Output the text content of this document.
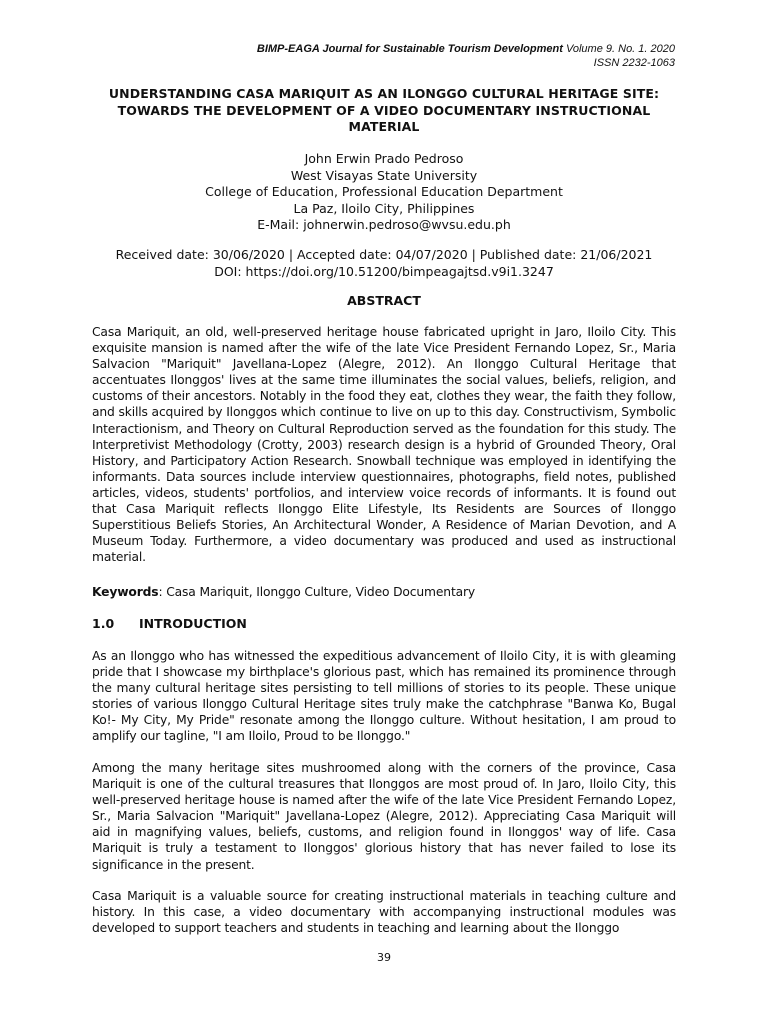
BIMP-EAGA Journal for Sustainable Tourism Development Volume 9. No. 1. 2020
ISSN 2232-1063
UNDERSTANDING CASA MARIQUIT AS AN ILONGGO CULTURAL HERITAGE SITE:
TOWARDS THE DEVELOPMENT OF A VIDEO DOCUMENTARY INSTRUCTIONAL
MATERIAL
John Erwin Prado Pedroso
West Visayas State University
College of Education, Professional Education Department
La Paz, Iloilo City, Philippines
E-Mail: johnerwin.pedroso@wvsu.edu.ph
Received date: 30/06/2020 | Accepted date: 04/07/2020 | Published date: 21/06/2021
DOI: https://doi.org/10.51200/bimpeagajtsd.v9i1.3247
ABSTRACT
Casa Mariquit, an old, well-preserved heritage house fabricated upright in Jaro, Iloilo City. This exquisite mansion is named after the wife of the late Vice President Fernando Lopez, Sr., Maria Salvacion "Mariquit" Javellana-Lopez (Alegre, 2012). An Ilonggo Cultural Heritage that accentuates Ilonggos' lives at the same time illuminates the social values, beliefs, religion, and customs of their ancestors. Notably in the food they eat, clothes they wear, the faith they follow, and skills acquired by Ilonggos which continue to live on up to this day. Constructivism, Symbolic Interactionism, and Theory on Cultural Reproduction served as the foundation for this study. The Interpretivist Methodology (Crotty, 2003) research design is a hybrid of Grounded Theory, Oral History, and Participatory Action Research. Snowball technique was employed in identifying the informants. Data sources include interview questionnaires, photographs, field notes, published articles, videos, students' portfolios, and interview voice records of informants. It is found out that Casa Mariquit reflects Ilonggo Elite Lifestyle, Its Residents are Sources of Ilonggo Superstitious Beliefs Stories, An Architectural Wonder, A Residence of Marian Devotion, and A Museum Today. Furthermore, a video documentary was produced and used as instructional material.
Keywords: Casa Mariquit, Ilonggo Culture, Video Documentary
1.0 INTRODUCTION
As an Ilonggo who has witnessed the expeditious advancement of Iloilo City, it is with gleaming pride that I showcase my birthplace's glorious past, which has remained its prominence through the many cultural heritage sites persisting to tell millions of stories to its people. These unique stories of various Ilonggo Cultural Heritage sites truly make the catchphrase "Banwa Ko, Bugal Ko!- My City, My Pride" resonate among the Ilonggo culture. Without hesitation, I am proud to amplify our tagline, "I am Iloilo, Proud to be Ilonggo."
Among the many heritage sites mushroomed along with the corners of the province, Casa Mariquit is one of the cultural treasures that Ilonggos are most proud of. In Jaro, Iloilo City, this well-preserved heritage house is named after the wife of the late Vice President Fernando Lopez, Sr., Maria Salvacion "Mariquit" Javellana-Lopez (Alegre, 2012). Appreciating Casa Mariquit will aid in magnifying values, beliefs, customs, and religion found in Ilonggos' way of life. Casa Mariquit is truly a testament to Ilonggos' glorious history that has never failed to lose its significance in the present.
Casa Mariquit is a valuable source for creating instructional materials in teaching culture and history. In this case, a video documentary with accompanying instructional modules was developed to support teachers and students in teaching and learning about the Ilonggo
39
